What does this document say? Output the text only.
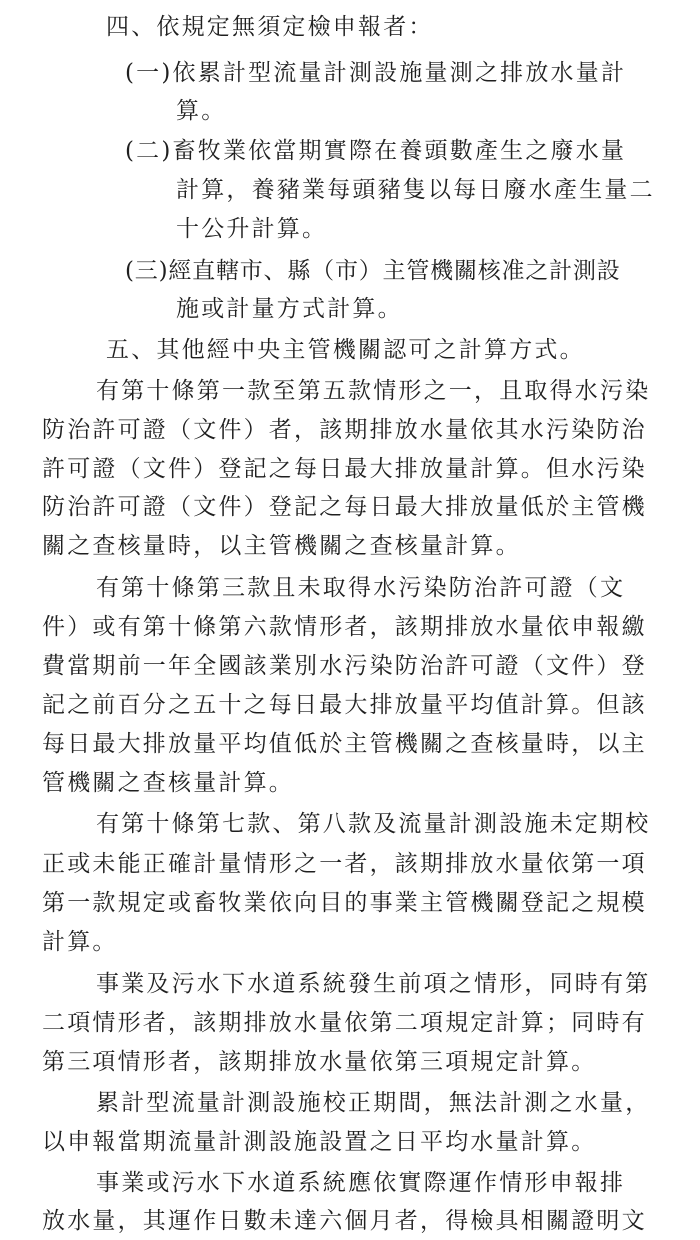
四、依規定無須定檢申報者：

(一)依累計型流量計測設施量測之排放水量計

算。

(二)畜牧業依當期實際在養頭數產生之廢水量

計算，養豬業每頭豬隻以每日廢水產生量二

十公升計算。

(三)經直轄市、縣（市）主管機關核准之計測設

施或計量方式計算。

五、其他經中央主管機關認可之計算方式。

有第十條第一款至第五款情形之一，且取得水污染

防治許可證（文件）者，該期排放水量依其水污染防治

許可證（文件）登記之每日最大排放量計算。但水污染

防治許可證（文件）登記之每日最大排放量低於主管機

關之查核量時，以主管機關之查核量計算。

有第十條第三款且未取得水污染防治許可證（文

件）或有第十條第六款情形者，該期排放水量依申報繳

費當期前一年全國該業別水污染防治許可證（文件）登

記之前百分之五十之每日最大排放量平均值計算。但該

每日最大排放量平均值低於主管機關之查核量時，以主

管機關之查核量計算。

有第十條第七款、第八款及流量計測設施未定期校

正或未能正確計量情形之一者，該期排放水量依第一項

第一款規定或畜牧業依向目的事業主管機關登記之規模

計算。

事業及污水下水道系統發生前項之情形，同時有第

二項情形者，該期排放水量依第二項規定計算；同時有

第三項情形者，該期排放水量依第三項規定計算。

累計型流量計測設施校正期間，無法計測之水量，

以申報當期流量計測設施設置之日平均水量計算。

事業或污水下水道系統應依實際運作情形申報排

放水量，其運作日數未達六個月者，得檢具相關證明文
